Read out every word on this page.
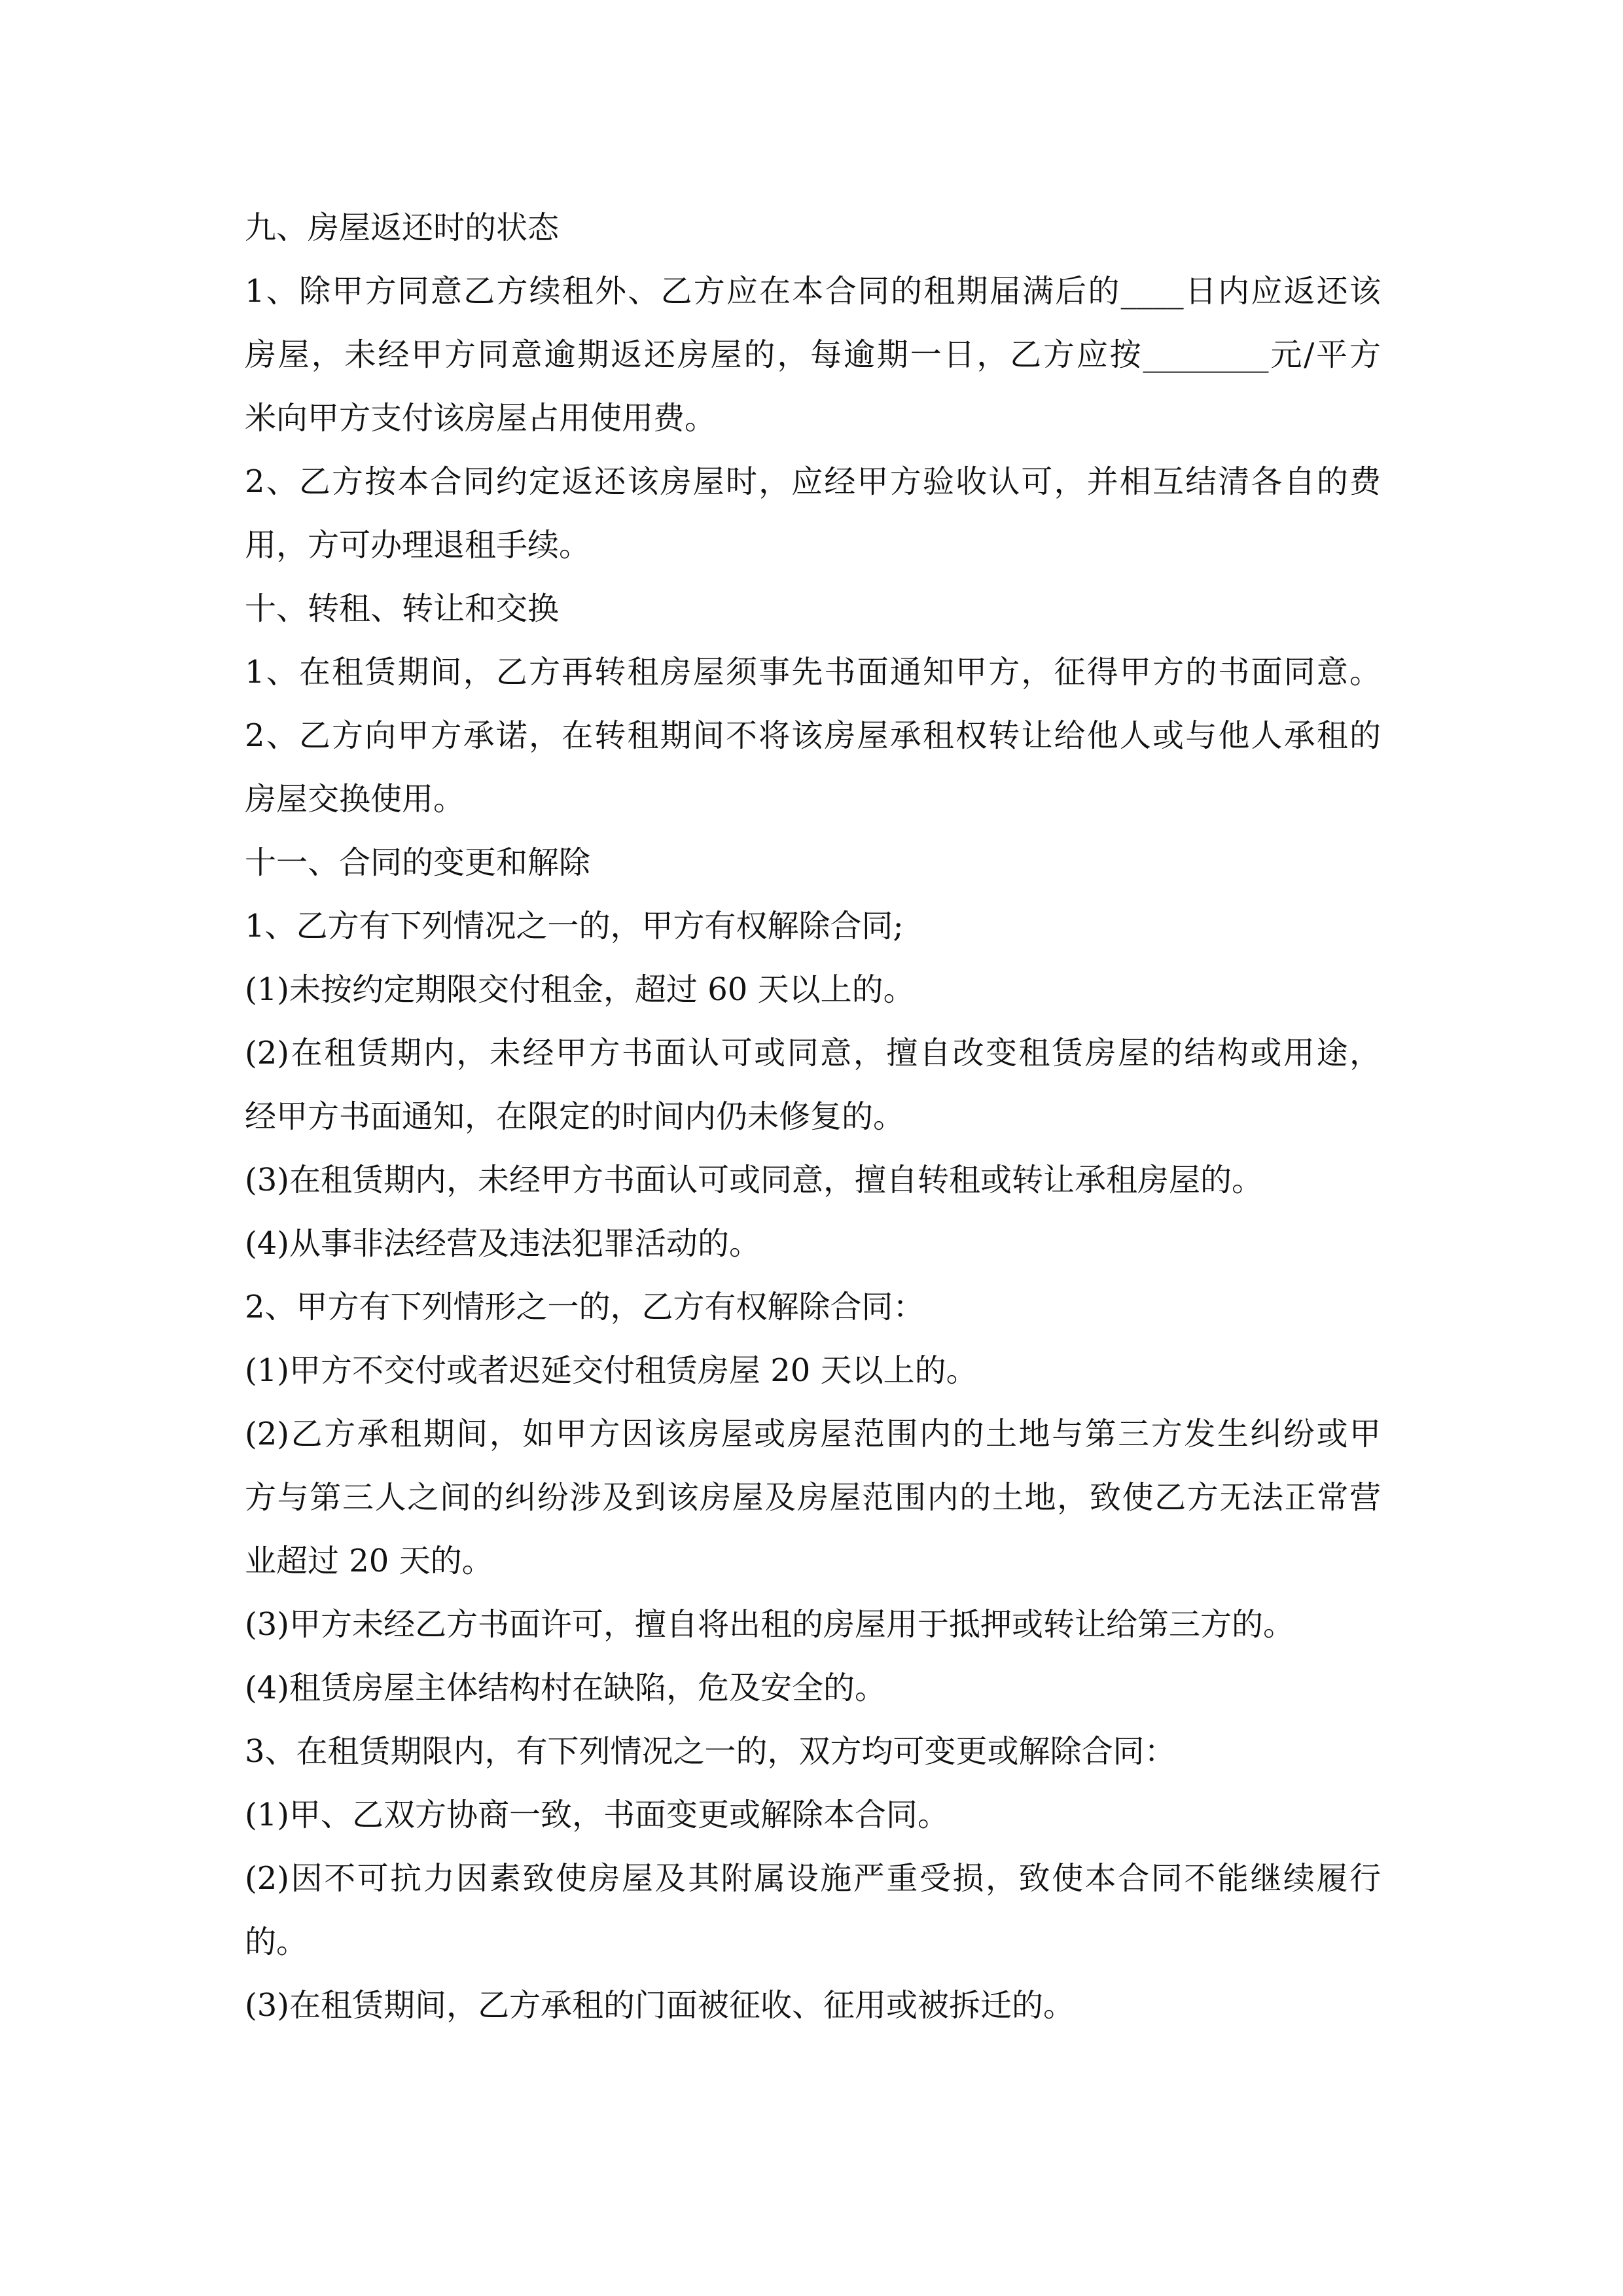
九、房屋返还时的状态
1、除甲方同意乙方续租外、乙方应在本合同的租期届满后的____日内应返还该
房屋，未经甲方同意逾期返还房屋的，每逾期一日，乙方应按________元/平方
米向甲方支付该房屋占用使用费。
2、乙方按本合同约定返还该房屋时，应经甲方验收认可，并相互结清各自的费
用，方可办理退租手续。
十、转租、转让和交换
1、在租赁期间，乙方再转租房屋须事先书面通知甲方，征得甲方的书面同意。
2、乙方向甲方承诺，在转租期间不将该房屋承租权转让给他人或与他人承租的
房屋交换使用。
十一、合同的变更和解除
1、乙方有下列情况之一的，甲方有权解除合同;
(1)未按约定期限交付租金，超过 60 天以上的。
(2)在租赁期内，未经甲方书面认可或同意，擅自改变租赁房屋的结构或用途，
经甲方书面通知，在限定的时间内仍未修复的。
(3)在租赁期内，未经甲方书面认可或同意，擅自转租或转让承租房屋的。
(4)从事非法经营及违法犯罪活动的。
2、甲方有下列情形之一的，乙方有权解除合同：
(1)甲方不交付或者迟延交付租赁房屋 20 天以上的。
(2)乙方承租期间，如甲方因该房屋或房屋范围内的土地与第三方发生纠纷或甲
方与第三人之间的纠纷涉及到该房屋及房屋范围内的土地，致使乙方无法正常营
业超过 20 天的。
(3)甲方未经乙方书面许可，擅自将出租的房屋用于抵押或转让给第三方的。
(4)租赁房屋主体结构村在缺陷，危及安全的。
3、在租赁期限内，有下列情况之一的，双方均可变更或解除合同：
(1)甲、乙双方协商一致，书面变更或解除本合同。
(2)因不可抗力因素致使房屋及其附属设施严重受损，致使本合同不能继续履行
的。
(3)在租赁期间，乙方承租的门面被征收、征用或被拆迁的。
